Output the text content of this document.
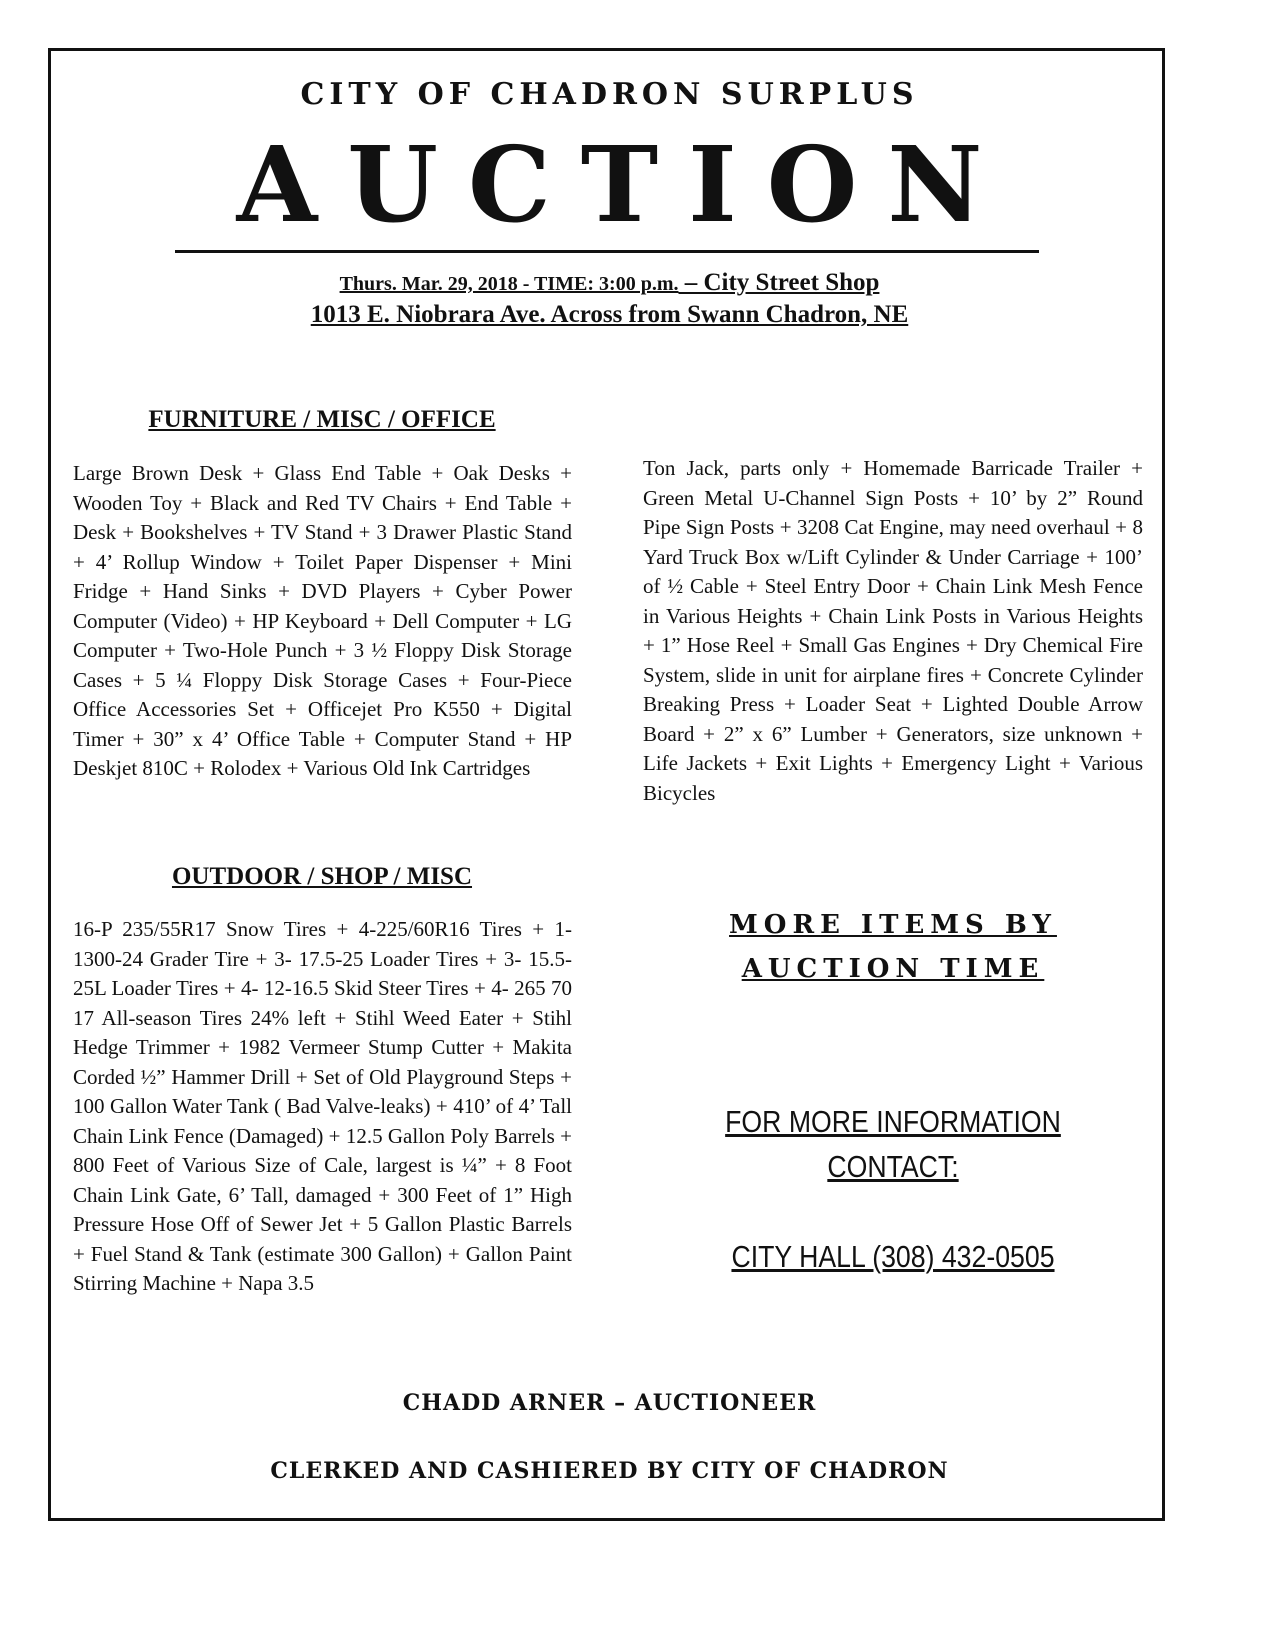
CITY OF CHADRON SURPLUS
AUCTION
Thurs. Mar. 29, 2018 - TIME: 3:00 p.m. – City Street Shop
1013 E. Niobrara Ave. Across from Swann Chadron, NE
FURNITURE / MISC / OFFICE
Large Brown Desk + Glass End Table + Oak Desks + Wooden Toy + Black and Red TV Chairs + End Table + Desk + Bookshelves + TV Stand + 3 Drawer Plastic Stand + 4’ Rollup Window + Toilet Paper Dispenser + Mini Fridge + Hand Sinks + DVD Players + Cyber Power Computer (Video) + HP Keyboard + Dell Computer + LG Computer + Two-Hole Punch + 3 ½ Floppy Disk Storage Cases + 5 ¼ Floppy Disk Storage Cases + Four-Piece Office Accessories Set + Officejet Pro K550 + Digital Timer + 30” x 4’ Office Table + Computer Stand + HP Deskjet 810C + Rolodex + Various Old Ink Cartridges
OUTDOOR / SHOP / MISC
16-P 235/55R17 Snow Tires + 4-225/60R16 Tires + 1- 1300-24 Grader Tire + 3- 17.5-25 Loader Tires + 3- 15.5-25L Loader Tires + 4- 12-16.5 Skid Steer Tires + 4- 265 70 17 All-season Tires 24% left + Stihl Weed Eater + Stihl Hedge Trimmer + 1982 Vermeer Stump Cutter + Makita Corded ½” Hammer Drill + Set of Old Playground Steps + 100 Gallon Water Tank ( Bad Valve-leaks) + 410’ of 4’ Tall Chain Link Fence (Damaged) + 12.5 Gallon Poly Barrels + 800 Feet of Various Size of Cale, largest is ¼” + 8 Foot Chain Link Gate, 6’ Tall, damaged + 300 Feet of 1” High Pressure Hose Off of Sewer Jet + 5 Gallon Plastic Barrels + Fuel Stand & Tank (estimate 300 Gallon) + Gallon Paint Stirring Machine + Napa 3.5
Ton Jack, parts only + Homemade Barricade Trailer + Green Metal U-Channel Sign Posts + 10’ by 2” Round Pipe Sign Posts + 3208 Cat Engine, may need overhaul + 8 Yard Truck Box w/Lift Cylinder & Under Carriage + 100’ of ½ Cable + Steel Entry Door + Chain Link Mesh Fence in Various Heights + Chain Link Posts in Various Heights + 1” Hose Reel + Small Gas Engines + Dry Chemical Fire System, slide in unit for airplane fires + Concrete Cylinder Breaking Press + Loader Seat + Lighted Double Arrow Board + 2” x 6” Lumber + Generators, size unknown + Life Jackets + Exit Lights + Emergency Light + Various Bicycles
MORE ITEMS BY
AUCTION TIME
FOR MORE INFORMATION
CONTACT:
CITY HALL (308) 432-0505
CHADD ARNER – AUCTIONEER
CLERKED AND CASHIERED BY CITY OF CHADRON
